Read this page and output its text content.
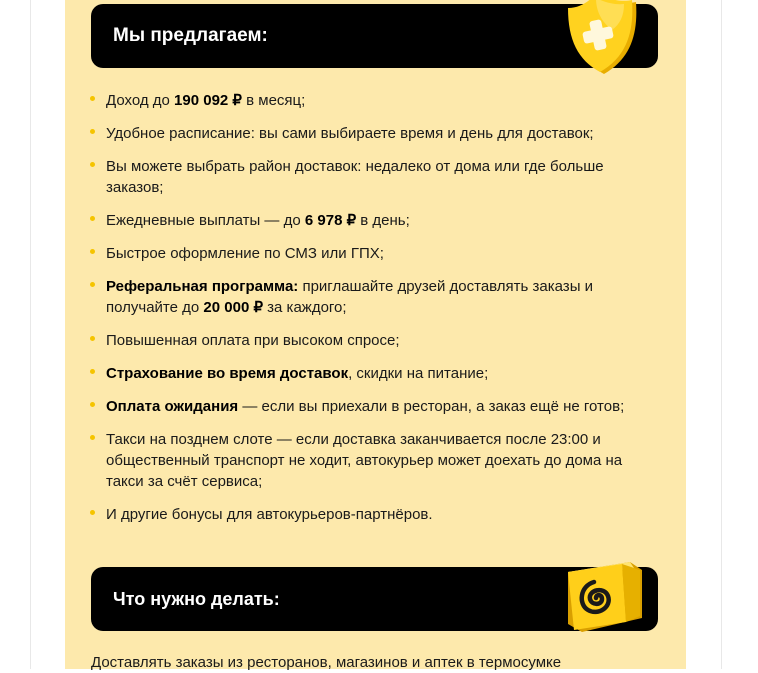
Мы предлагаем:
Доход до 190 092 ₽ в месяц;
Удобное расписание: вы сами выбираете время и день для доставок;
Вы можете выбрать район доставок: недалеко от дома или где больше заказов;
Ежедневные выплаты — до 6 978 ₽ в день;
Быстрое оформление по СМЗ или ГПХ;
Реферальная программа: приглашайте друзей доставлять заказы и получайте до 20 000 ₽ за каждого;
Повышенная оплата при высоком спросе;
Страхование во время доставок, скидки на питание;
Оплата ожидания — если вы приехали в ресторан, а заказ ещё не готов;
Такси на позднем слоте — если доставка заканчивается после 23:00 и общественный транспорт не ходит, автокурьер может доехать до дома на такси за счёт сервиса;
И другие бонусы для автокурьеров-партнёров.
Что нужно делать:
Доставлять заказы из ресторанов, магазинов и аптек в термосумке
